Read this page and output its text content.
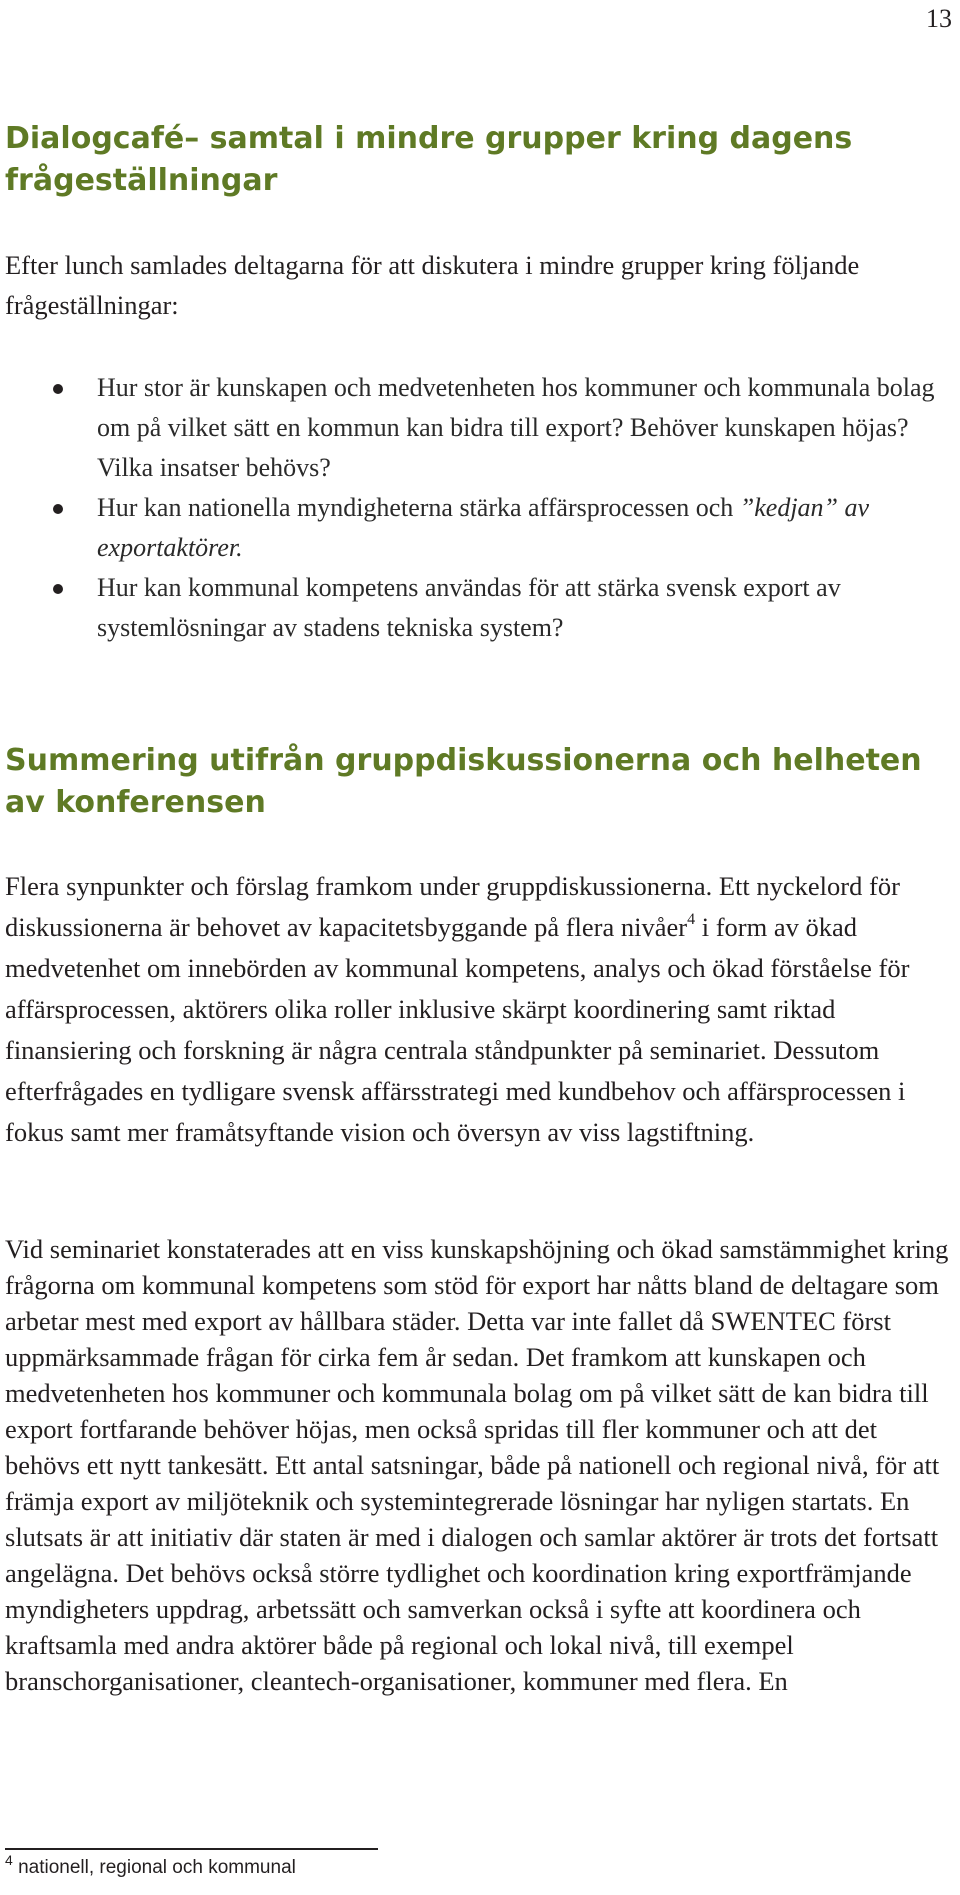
13
Dialogcafé– samtal i mindre grupper kring dagens frågeställningar

Efter lunch samlades deltagarna för att diskutera i mindre grupper kring följande frågeställningar:

Hur stor är kunskapen och medvetenheten hos kommuner och kommunala bolag om på vilket sätt en kommun kan bidra till export? Behöver kunskapen höjas? Vilka insatser behövs?
Hur kan nationella myndigheterna stärka affärsprocessen och ”kedjan” av exportaktörer.
Hur kan kommunal kompetens användas för att stärka svensk export av systemlösningar av stadens tekniska system?
Summering utifrån gruppdiskussionerna och helheten av konferensen

Flera synpunkter och förslag framkom under gruppdiskussionerna. Ett nyckelord för diskussionerna är behovet av kapacitetsbyggande på flera nivåer$^4$ i form av ökad medvetenhet om innebörden av kommunal kompetens, analys och ökad förståelse för affärsprocessen, aktörers olika roller inklusive skärpt koordinering samt riktad finansiering och forskning är några centrala ståndpunkter på seminariet. Dessutom efterfrågades en tydligare svensk affärsstrategi med kundbehov och affärsprocessen i fokus samt mer framåtsyftande vision och översyn av viss lagstiftning.

Vid seminariet konstaterades att en viss kunskapshöjning och ökad samstämmighet kring frågorna om kommunal kompetens som stöd för export har nåtts bland de deltagare som arbetar mest med export av hållbara städer. Detta var inte fallet då SWENTEC först uppmärksammade frågan för cirka fem år sedan. Det framkom att kunskapen och medvetenheten hos kommuner och kommunala bolag om på vilket sätt de kan bidra till export fortfarande behöver höjas, men också spridas till fler kommuner och att det behövs ett nytt tankesätt. Ett antal satsningar, både på nationell och regional nivå, för att främja export av miljöteknik och systemintegrerade lösningar har nyligen startats. En slutsats är att initiativ där staten är med i dialogen och samlar aktörer är trots det fortsatt angelägna. Det behövs också större tydlighet och koordination kring exportfrämjande myndigheters uppdrag, arbetssätt och samverkan också i syfte att koordinera och kraftsamla med andra aktörer både på regional och lokal nivå, till exempel branschorganisationer, cleantech-organisationer, kommuner med flera. En

$^4$ nationell, regional och kommunal
